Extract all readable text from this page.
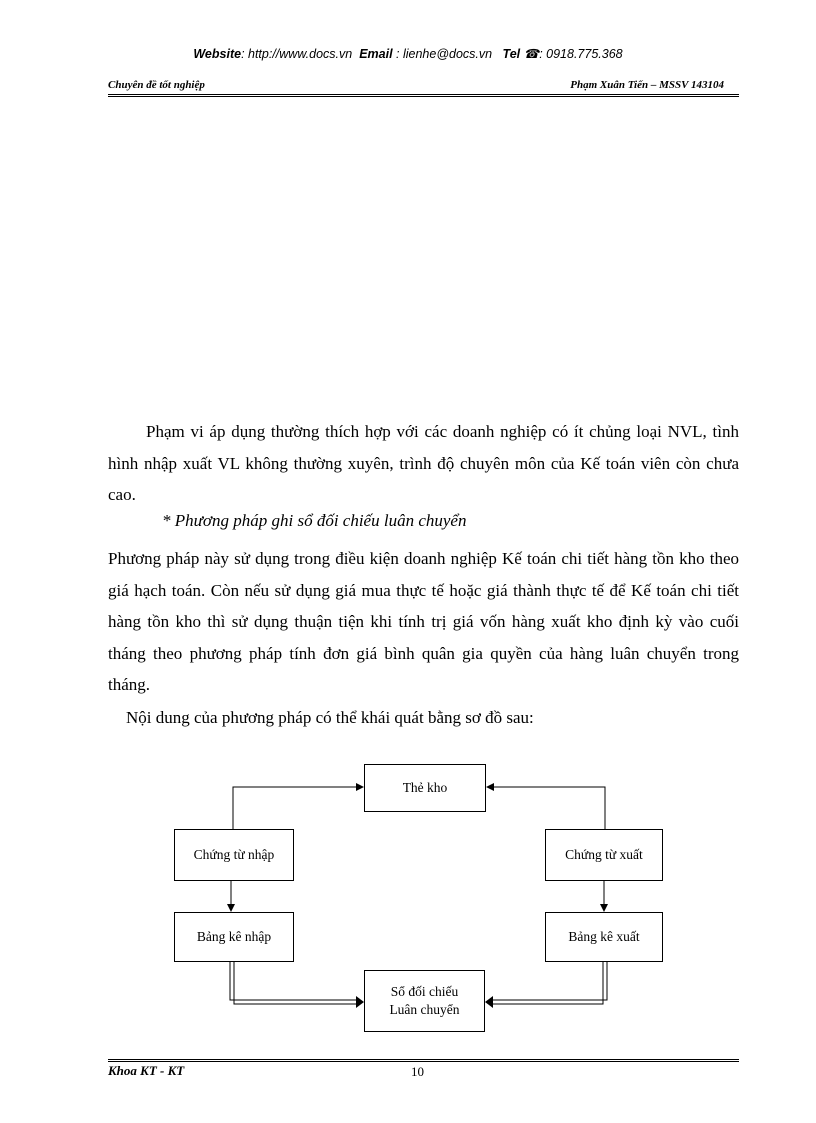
Website: http://www.docs.vn Email : lienhe@docs.vn Tel ☎: 0918.775.368
Chuyên đề tốt nghiệp	Phạm Xuân Tiến – MSSV 143104
Phạm vi áp dụng thường thích hợp với các doanh nghiệp có ít chủng loại NVL, tình hình nhập xuất VL không thường xuyên, trình độ chuyên môn của Kế toán viên còn chưa cao.
* Phương pháp ghi sổ đối chiếu luân chuyển
Phương pháp này sử dụng trong điều kiện doanh nghiệp Kế toán chi tiết hàng tồn kho theo giá hạch toán. Còn nếu sử dụng giá mua thực tế hoặc giá thành thực tế để Kế toán chi tiết hàng tồn kho thì sử dụng thuận tiện khi tính trị giá vốn hàng xuất kho định kỳ vào cuối tháng theo phương pháp tính đơn giá bình quân gia quyền của hàng luân chuyển trong tháng.
Nội dung của phương pháp có thể khái quát bằng sơ đồ sau:
Thẻ kho
Chứng từ nhập	Chứng từ xuất
Bảng kê nhập	Bảng kê xuất
Sổ đối chiếu
Luân chuyển
Khoa KT - KT	10
